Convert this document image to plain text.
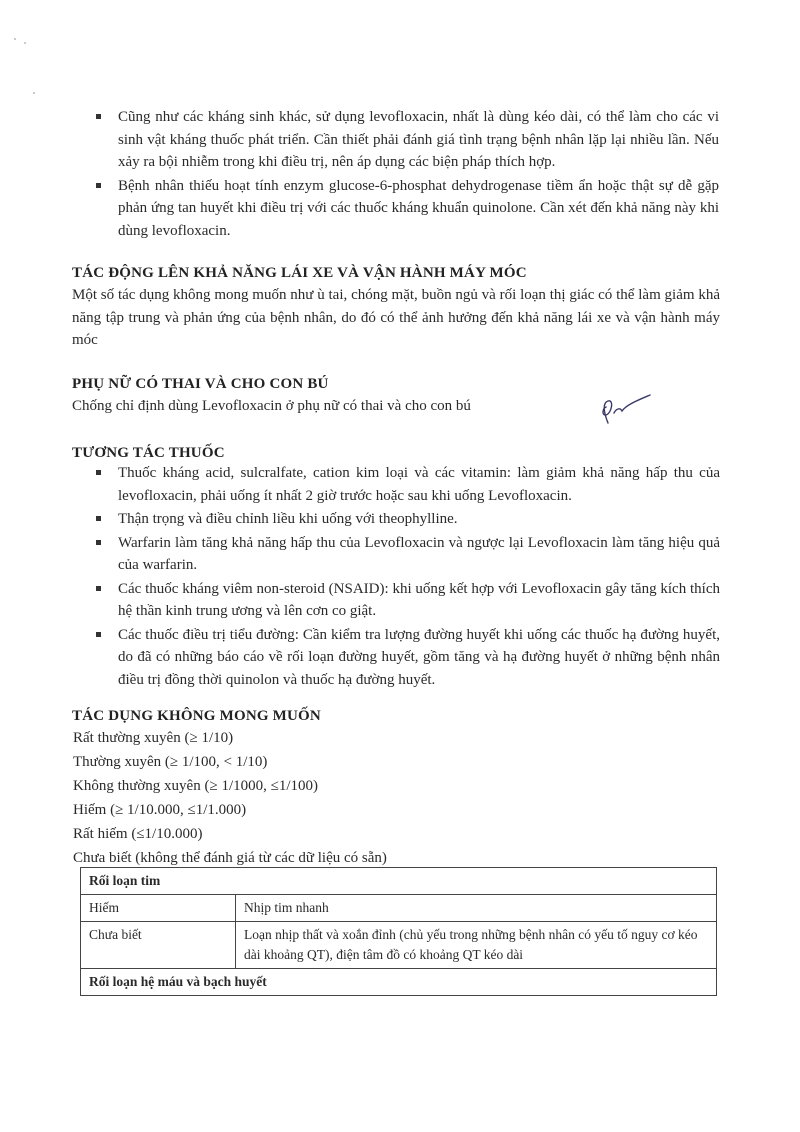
Cũng như các kháng sinh khác, sử dụng levofloxacin, nhất là dùng kéo dài, có thể làm cho các vi sinh vật kháng thuốc phát triển. Cần thiết phải đánh giá tình trạng bệnh nhân lặp lại nhiều lần. Nếu xảy ra bội nhiễm trong khi điều trị, nên áp dụng các biện pháp thích hợp.
Bệnh nhân thiếu hoạt tính enzym glucose-6-phosphat dehydrogenase tiềm ẩn hoặc thật sự dễ gặp phản ứng tan huyết khi điều trị với các thuốc kháng khuẩn quinolone. Cần xét đến khả năng này khi dùng levofloxacin.
TÁC ĐỘNG LÊN KHẢ NĂNG LÁI XE VÀ VẬN HÀNH MÁY MÓC
Một số tác dụng không mong muốn như ù tai, chóng mặt, buồn ngủ và rối loạn thị giác có thể làm giảm khả năng tập trung và phản ứng của bệnh nhân, do đó có thể ảnh hưởng đến khả năng lái xe và vận hành máy móc
PHỤ NỮ CÓ THAI VÀ CHO CON BÚ
Chống chỉ định dùng Levofloxacin ở phụ nữ có thai và cho con bú
TƯƠNG TÁC THUỐC
Thuốc kháng acid, sulcralfate, cation kim loại và các vitamin: làm giảm khả năng hấp thu của levofloxacin, phải uống ít nhất 2 giờ trước hoặc sau khi uống Levofloxacin.
Thận trọng và điều chỉnh liều khi uống với theophylline.
Warfarin làm tăng khả năng hấp thu của Levofloxacin và ngược lại Levofloxacin làm tăng hiệu quả của warfarin.
Các thuốc kháng viêm non-steroid (NSAID): khi uống kết hợp với Levofloxacin gây tăng kích thích hệ thần kinh trung ương và lên cơn co giật.
Các thuốc điều trị tiểu đường: Cần kiểm tra lượng đường huyết khi uống các thuốc hạ đường huyết, do đã có những báo cáo về rối loạn đường huyết, gồm tăng và hạ đường huyết ở những bệnh nhân điều trị đồng thời quinolon và thuốc hạ đường huyết.
TÁC DỤNG KHÔNG MONG MUỐN
Rất thường xuyên (≥ 1/10)
Thường xuyên (≥ 1/100, < 1/10)
Không thường xuyên (≥ 1/1000, ≤1/100)
Hiếm (≥ 1/10.000, ≤1/1.000)
Rất hiếm (≤1/10.000)
Chưa biết (không thể đánh giá từ các dữ liệu có sẵn)
Rối loạn tim	
Hiếm	Nhịp tim nhanh
Chưa biết	Loạn nhịp thất và xoắn đỉnh (chủ yếu trong những bệnh nhân có yếu tố nguy cơ kéo dài khoảng QT), điện tâm đồ có khoảng QT kéo dài
Rối loạn hệ máu và bạch huyết	
